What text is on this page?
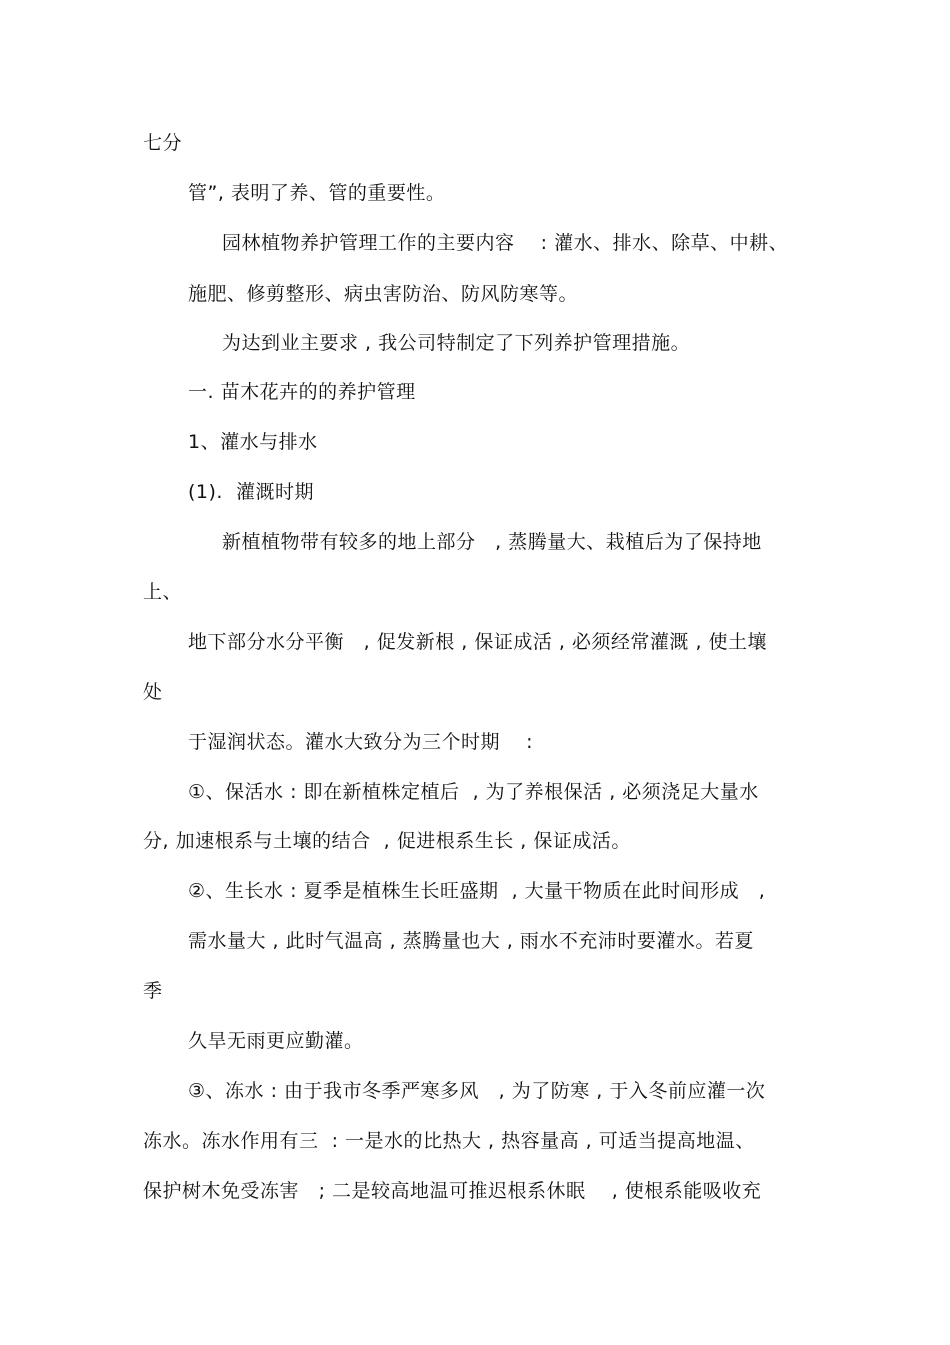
七分
管”, 表明了养、管的重要性。
园林植物养护管理工作的主要内容    : 灌水、排水、除草、中耕、
施肥、修剪整形、病虫害防治、防风防寒等。
为达到业主要求 , 我公司特制定了下列养护管理措施。
一. 苗木花卉的的养护管理
1、灌水与排水
(1).  灌溉时期
新植植物带有较多的地上部分   , 蒸腾量大、栽植后为了保持地
上、
地下部分水分平衡   , 促发新根 , 保证成活 , 必须经常灌溉 , 使土壤
处
于湿润状态。灌水大致分为三个时期    :
①、保活水 : 即在新植株定植后  , 为了养根保活 , 必须浇足大量水
分, 加速根系与土壤的结合  , 促进根系生长 , 保证成活。
②、生长水 : 夏季是植株生长旺盛期  , 大量干物质在此时间形成   ,
需水量大 , 此时气温高 , 蒸腾量也大 , 雨水不充沛时要灌水。若夏
季
久旱无雨更应勤灌。
③、冻水 : 由于我市冬季严寒多风   , 为了防寒 , 于入冬前应灌一次
冻水。冻水作用有三  : 一是水的比热大 , 热容量高 , 可适当提高地温、
保护树木免受冻害   ; 二是较高地温可推迟根系休眠    , 使根系能吸收充
